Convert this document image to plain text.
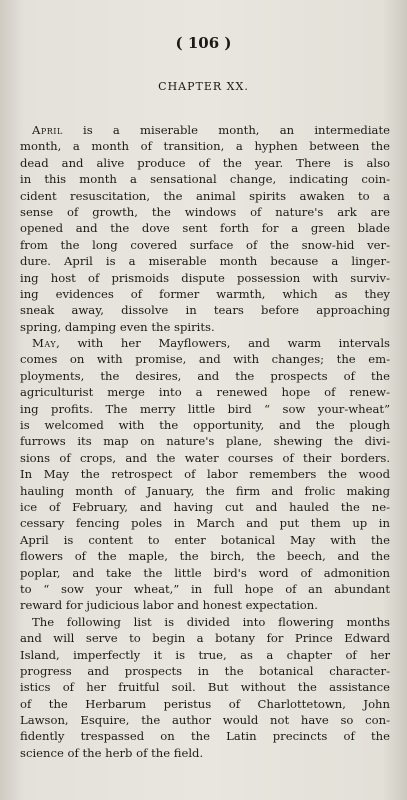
( 106 )
CHAPTER XX.
April is a miserable month, an intermediate
month, a month of transition, a hyphen between the
dead and alive produce of the year. There is also
in this month a sensational change, indicating coin-
cident resuscitation, the animal spirits awaken to a
sense of growth, the windows of nature's ark are
opened and the dove sent forth for a green blade
from the long covered surface of the snow-hid ver-
dure. April is a miserable month because a linger-
ing host of prismoids dispute possession with surviv-
ing evidences of former warmth, which as they
sneak away, dissolve in tears before approaching
spring, damping even the spirits.
May, with her Mayflowers, and warm intervals
comes on with promise, and with changes; the em-
ployments, the desires, and the prospects of the
agriculturist merge into a renewed hope of renew-
ing profits. The merry little bird “ sow your-wheat”
is welcomed with the opportunity, and the plough
furrows its map on nature's plane, shewing the divi-
sions of crops, and the water courses of their borders.
In May the retrospect of labor remembers the wood
hauling month of January, the firm and frolic making
ice of February, and having cut and hauled the ne-
cessary fencing poles in March and put them up in
April is content to enter botanical May with the
flowers of the maple, the birch, the beech, and the
poplar, and take the little bird's word of admonition
to “ sow your wheat,” in full hope of an abundant
reward for judicious labor and honest expectation.
The following list is divided into flowering months
and will serve to begin a botany for Prince Edward
Island, imperfectly it is true, as a chapter of her
progress and prospects in the botanical character-
istics of her fruitful soil. But without the assistance
of the Herbarum peristus of Charlottetown, John
Lawson, Esquire, the author would not have so con-
fidently trespassed on the Latin precincts of the
science of the herb of the field.
